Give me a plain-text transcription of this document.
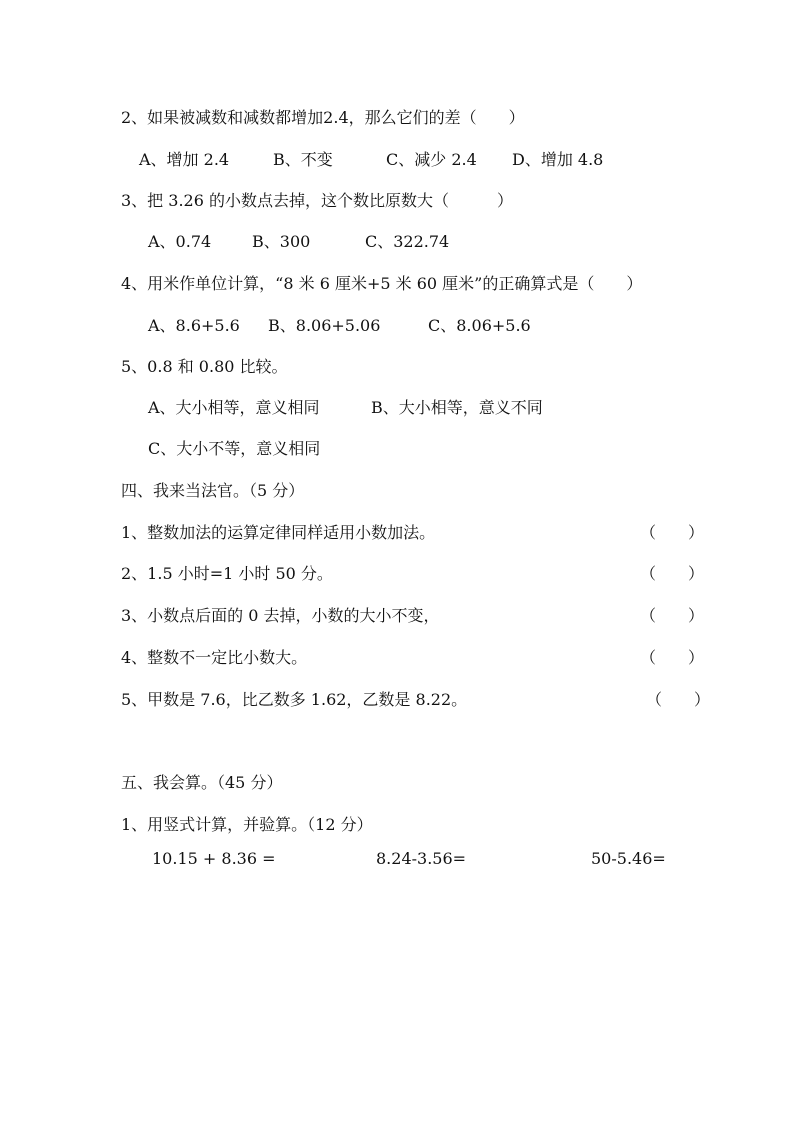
2、如果被减数和减数都增加2.4，那么它们的差（　　）
A、增加 2.4	B、不变	C、减少 2.4 D、增加 4.8
3、把 3.26 的小数点去掉，这个数比原数大（　　　）
A、0.74	B、300	C、322.74
4、用米作单位计算，“8 米 6 厘米+5 米 60 厘米”的正确算式是（　　）
A、8.6+5.6 B、8.06+5.06	C、8.06+5.6
5、0.8 和 0.80 比较。
A、大小相等，意义相同	B、大小相等，意义不同
C、大小不等，意义相同
四、我来当法官。（5 分）
1、整数加法的运算定律同样适用小数加法。	（　　）
2、1.5 小时=1 小时 50 分。	（　　）
3、小数点后面的 0 去掉，小数的大小不变，	（　　）
4、整数不一定比小数大。	（　　）
5、甲数是 7.6，比乙数多 1.62，乙数是 8.22。	（　　）
五、我会算。（45 分）
1、用竖式计算，并验算。（12 分）
10.15 + 8.36 =	8.24-3.56=	50-5.46=
